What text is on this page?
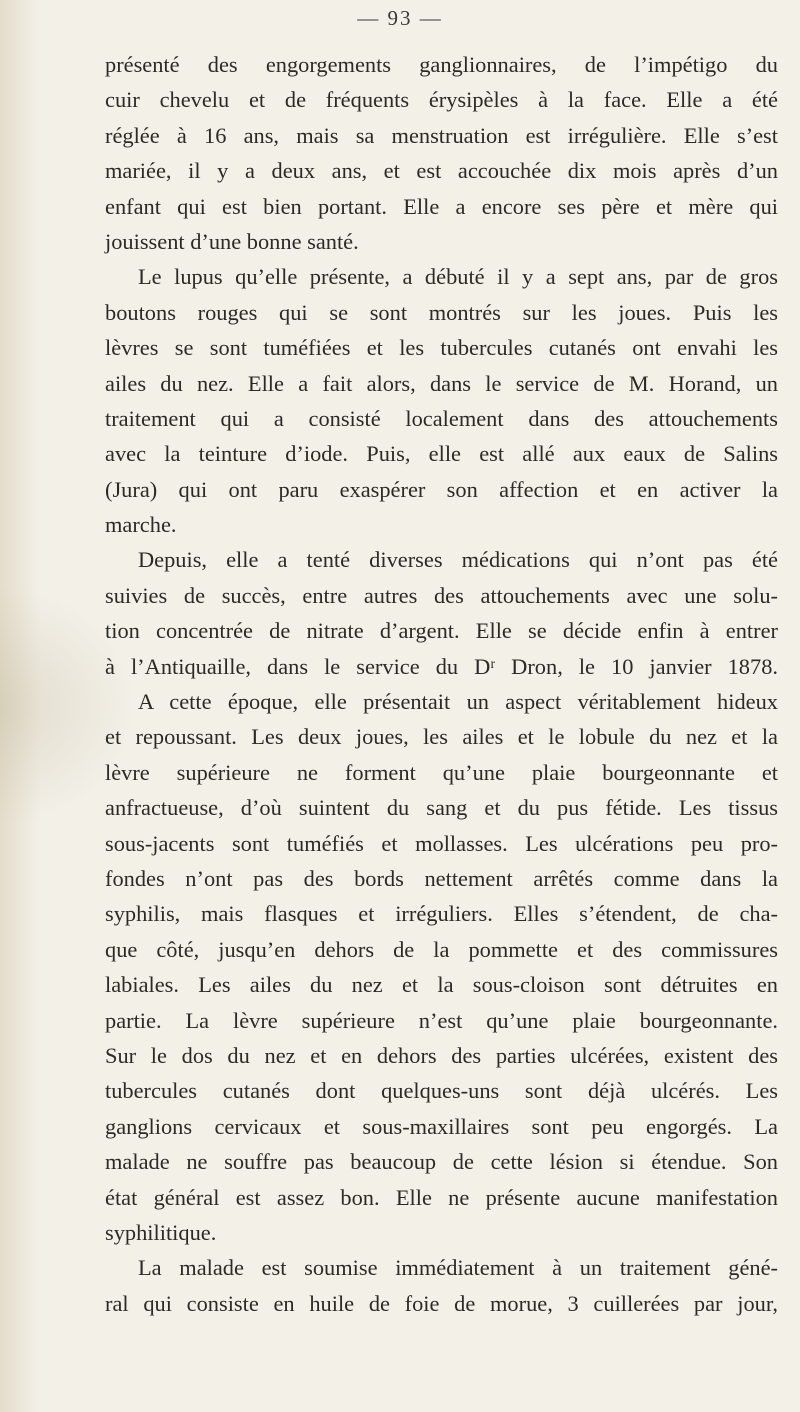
— 93 —
présenté des engorgements ganglionnaires, de l’impétigo du
cuir chevelu et de fréquents érysipèles à la face. Elle a été
réglée à 16 ans, mais sa menstruation est irrégulière. Elle s’est
mariée, il y a deux ans, et est accouchée dix mois après d’un
enfant qui est bien portant. Elle a encore ses père et mère qui
jouissent d’une bonne santé.
Le lupus qu’elle présente, a débuté il y a sept ans, par de gros
boutons rouges qui se sont montrés sur les joues. Puis les
lèvres se sont tuméfiées et les tubercules cutanés ont envahi les
ailes du nez. Elle a fait alors, dans le service de M. Horand, un
traitement qui a consisté localement dans des attouchements
avec la teinture d’iode. Puis, elle est allé aux eaux de Salins
(Jura) qui ont paru exaspérer son affection et en activer la
marche.
Depuis, elle a tenté diverses médications qui n’ont pas été
suivies de succès, entre autres des attouchements avec une solu-
tion concentrée de nitrate d’argent. Elle se décide enfin à entrer
à l’Antiquaille, dans le service du Dʳ Dron, le 10 janvier 1878.
A cette époque, elle présentait un aspect véritablement hideux
et repoussant. Les deux joues, les ailes et le lobule du nez et la
lèvre supérieure ne forment qu’une plaie bourgeonnante et
anfractueuse, d’où suintent du sang et du pus fétide. Les tissus
sous-jacents sont tuméfiés et mollasses. Les ulcérations peu pro-
fondes n’ont pas des bords nettement arrêtés comme dans la
syphilis, mais flasques et irréguliers. Elles s’étendent, de cha-
que côté, jusqu’en dehors de la pommette et des commissures
labiales. Les ailes du nez et la sous-cloison sont détruites en
partie. La lèvre supérieure n’est qu’une plaie bourgeonnante.
Sur le dos du nez et en dehors des parties ulcérées, existent des
tubercules cutanés dont quelques-uns sont déjà ulcérés. Les
ganglions cervicaux et sous-maxillaires sont peu engorgés. La
malade ne souffre pas beaucoup de cette lésion si étendue. Son
état général est assez bon. Elle ne présente aucune manifestation
syphilitique.
La malade est soumise immédiatement à un traitement géné-
ral qui consiste en huile de foie de morue, 3 cuillerées par jour,
